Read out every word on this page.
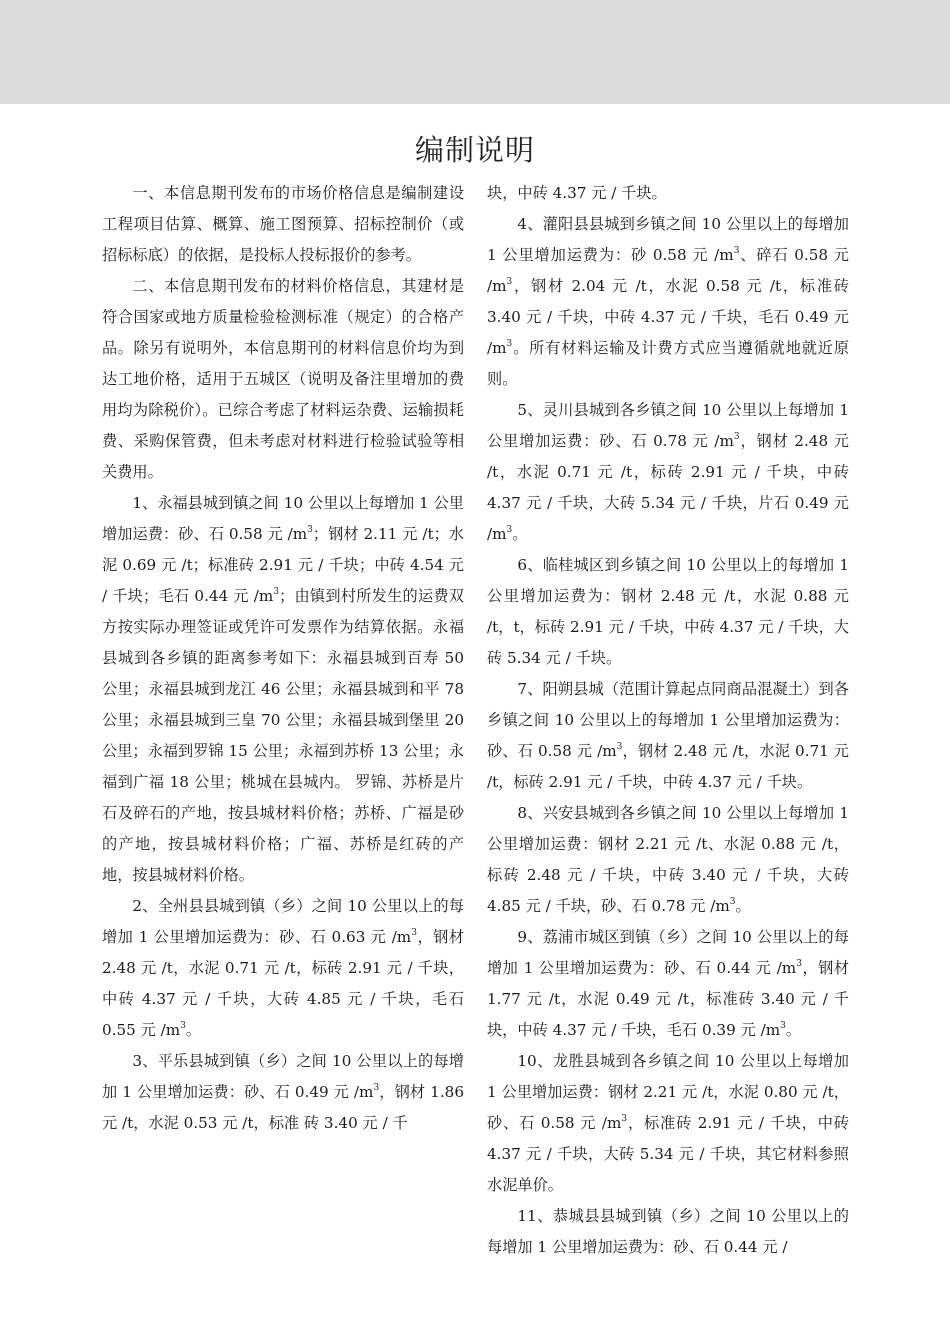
编制说明

一、本信息期刊发布的市场价格信息是编制建设工程项目估算、概算、施工图预算、招标控制价（或招标标底）的依据，是投标人投标报价的参考。

二、本信息期刊发布的材料价格信息，其建材是符合国家或地方质量检验检测标准（规定）的合格产品。除另有说明外，本信息期刊的材料信息价均为到达工地价格，适用于五城区（说明及备注里增加的费用均为除税价）。已综合考虑了材料运杂费、运输损耗费、采购保管费，但未考虑对材料进行检验试验等相关费用。

1、永福县城到镇之间 10 公里以上每增加 1 公里增加运费：砂、石 0.58 元 $/m^3$；钢材 2.11 元 /t；水泥 0.69 元 /t；标准砖 2.91 元 / 千块；中砖 4.54 元 / 千块；毛石 0.44 元 $/m^3$；由镇到村所发生的运费双方按实际办理签证或凭许可发票作为结算依据。永福县城到各乡镇的距离参考如下：永福县城到百寿 50 公里；永福县城到龙江 46 公里；永福县城到和平 78 公里；永福县城到三皇 70 公里；永福县城到堡里 20 公里；永福到罗锦 15 公里；永福到苏桥 13 公里；永福到广福 18 公里；桃城在县城内。 罗锦、苏桥是片石及碎石的产地，按县城材料价格；苏桥、广福是砂的产地，按县城材料价格；广福、苏桥是红砖的产地，按县城材料价格。

2、全州县县城到镇（乡）之间 10 公里以上的每增加 1 公里增加运费为：砂、石 0.63 元 $/m^3$，钢材 2.48 元 /t，水泥 0.71 元 /t，标砖 2.91 元 / 千块，中砖 4.37 元 / 千块，大砖 4.85 元 / 千块，毛石 0.55 元 $/m^3$。

3、平乐县城到镇（乡）之间 10 公里以上的每增加 1 公里增加运费：砂、石 0.49 元 $/m^3$，钢材 1.86 元 /t，水泥 0.53 元 /t，标准 砖 3.40 元 / 千

块，中砖 4.37 元 / 千块。

4、灌阳县县城到乡镇之间 10 公里以上的每增加 1 公里增加运费为：砂 0.58 元 $/m^3$、碎石 0.58 元 $/m^3$，钢材 2.04 元 /t，水泥 0.58 元 /t，标准砖 3.40 元 / 千块，中砖 4.37 元 / 千块，毛石 0.49 元 $/m^3$。所有材料运输及计费方式应当遵循就地就近原则。

5、灵川县城到各乡镇之间 10 公里以上每增加 1 公里增加运费：砂、石 0.78 元 $/m^3$，钢材 2.48 元 /t，水泥 0.71 元 /t，标砖 2.91 元 / 千块，中砖 4.37 元 / 千块，大砖 5.34 元 / 千块，片石 0.49 元 $/m^3$。

6、临桂城区到乡镇之间 10 公里以上的每增加 1 公里增加运费为：钢材 2.48 元 /t，水泥 0.88 元 /t，t，标砖 2.91 元 / 千块，中砖 4.37 元 / 千块，大砖 5.34 元 / 千块。

7、阳朔县城（范围计算起点同商品混凝土）到各乡镇之间 10 公里以上的每增加 1 公里增加运费为：砂、石 0.58 元 $/m^3$，钢材 2.48 元 /t，水泥 0.71 元 /t，标砖 2.91 元 / 千块，中砖 4.37 元 / 千块。

8、兴安县城到各乡镇之间 10 公里以上每增加 1 公里增加运费：钢材 2.21 元 /t、水泥 0.88 元 /t，标砖 2.48 元 / 千块，中砖 3.40 元 / 千块，大砖 4.85 元 / 千块，砂、石 0.78 元 $/m^3$。

9、荔浦市城区到镇（乡）之间 10 公里以上的每增加 1 公里增加运费为：砂、石 0.44 元 $/m^3$，钢材 1.77 元 /t，水泥 0.49 元 /t，标准砖 3.40 元 / 千块，中砖 4.37 元 / 千块，毛石 0.39 元 $/m^3$。

10、龙胜县城到各乡镇之间 10 公里以上每增加 1 公里增加运费：钢材 2.21 元 /t，水泥 0.80 元 /t，砂、石 0.58 元 $/m^3$，标准砖 2.91 元 / 千块，中砖 4.37 元 / 千块，大砖 5.34 元 / 千块，其它材料参照水泥单价。

11、恭城县县城到镇（乡）之间 10 公里以上的每增加 1 公里增加运费为：砂、石 0.44 元 /
